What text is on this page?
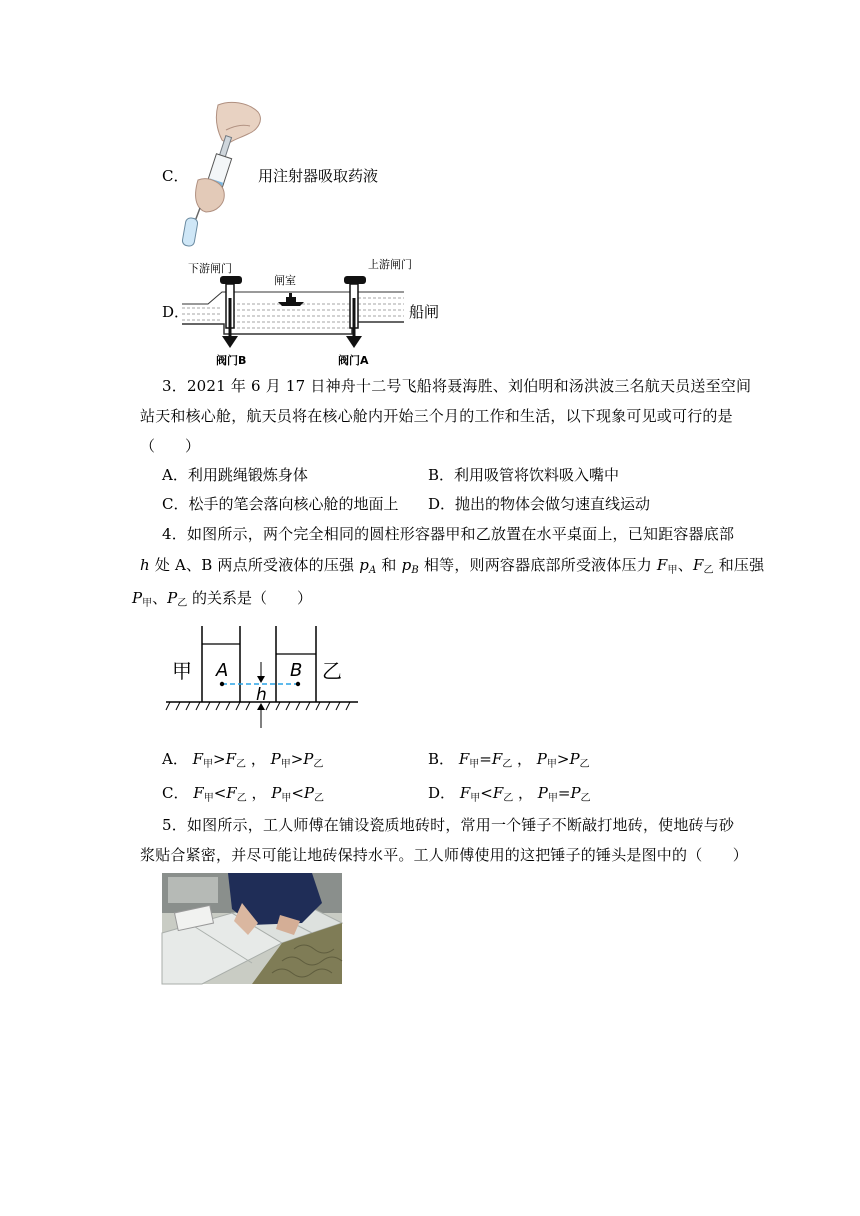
C．	用注射器吸取药液
D．
下游闸门
闸室
上游闸门
阀门B	阀门A
船闸
3．2021 年 6 月 17 日神舟十二号飞船将聂海胜、刘伯明和汤洪波三名航天员送至空间
站天和核心舱，航天员将在核心舱内开始三个月的工作和生活，以下现象可见或可行的是
（　　）
A．利用跳绳锻炼身体	B．利用吸管将饮料吸入嘴中
C．松手的笔会落向核心舱的地面上 D．抛出的物体会做匀速直线运动
4．如图所示，两个完全相同的圆柱形容器甲和乙放置在水平桌面上，已知距容器底部
h 处 A、B 两点所受液体的压强 $p_A$ 和 $p_B$ 相等，则两容器底部所受液体压力 $F_甲$、$F_乙$ 和压强
$P_甲$、$P_乙$ 的关系是（　　）
h
甲	乙
A	B
A． $F_甲>F_乙$ ， $P_甲>P_乙$	B． $F_甲=F_乙$ ， $P_甲>P_乙$
C． $F_甲<F_乙$ ， $P_甲<P_乙$	D． $F_甲<F_乙$ ， $P_甲=P_乙$
5．如图所示，工人师傅在铺设瓷质地砖时，常用一个锤子不断敲打地砖，使地砖与砂
浆贴合紧密，并尽可能让地砖保持水平。工人师傅使用的这把锤子的锤头是图中的（　　）
